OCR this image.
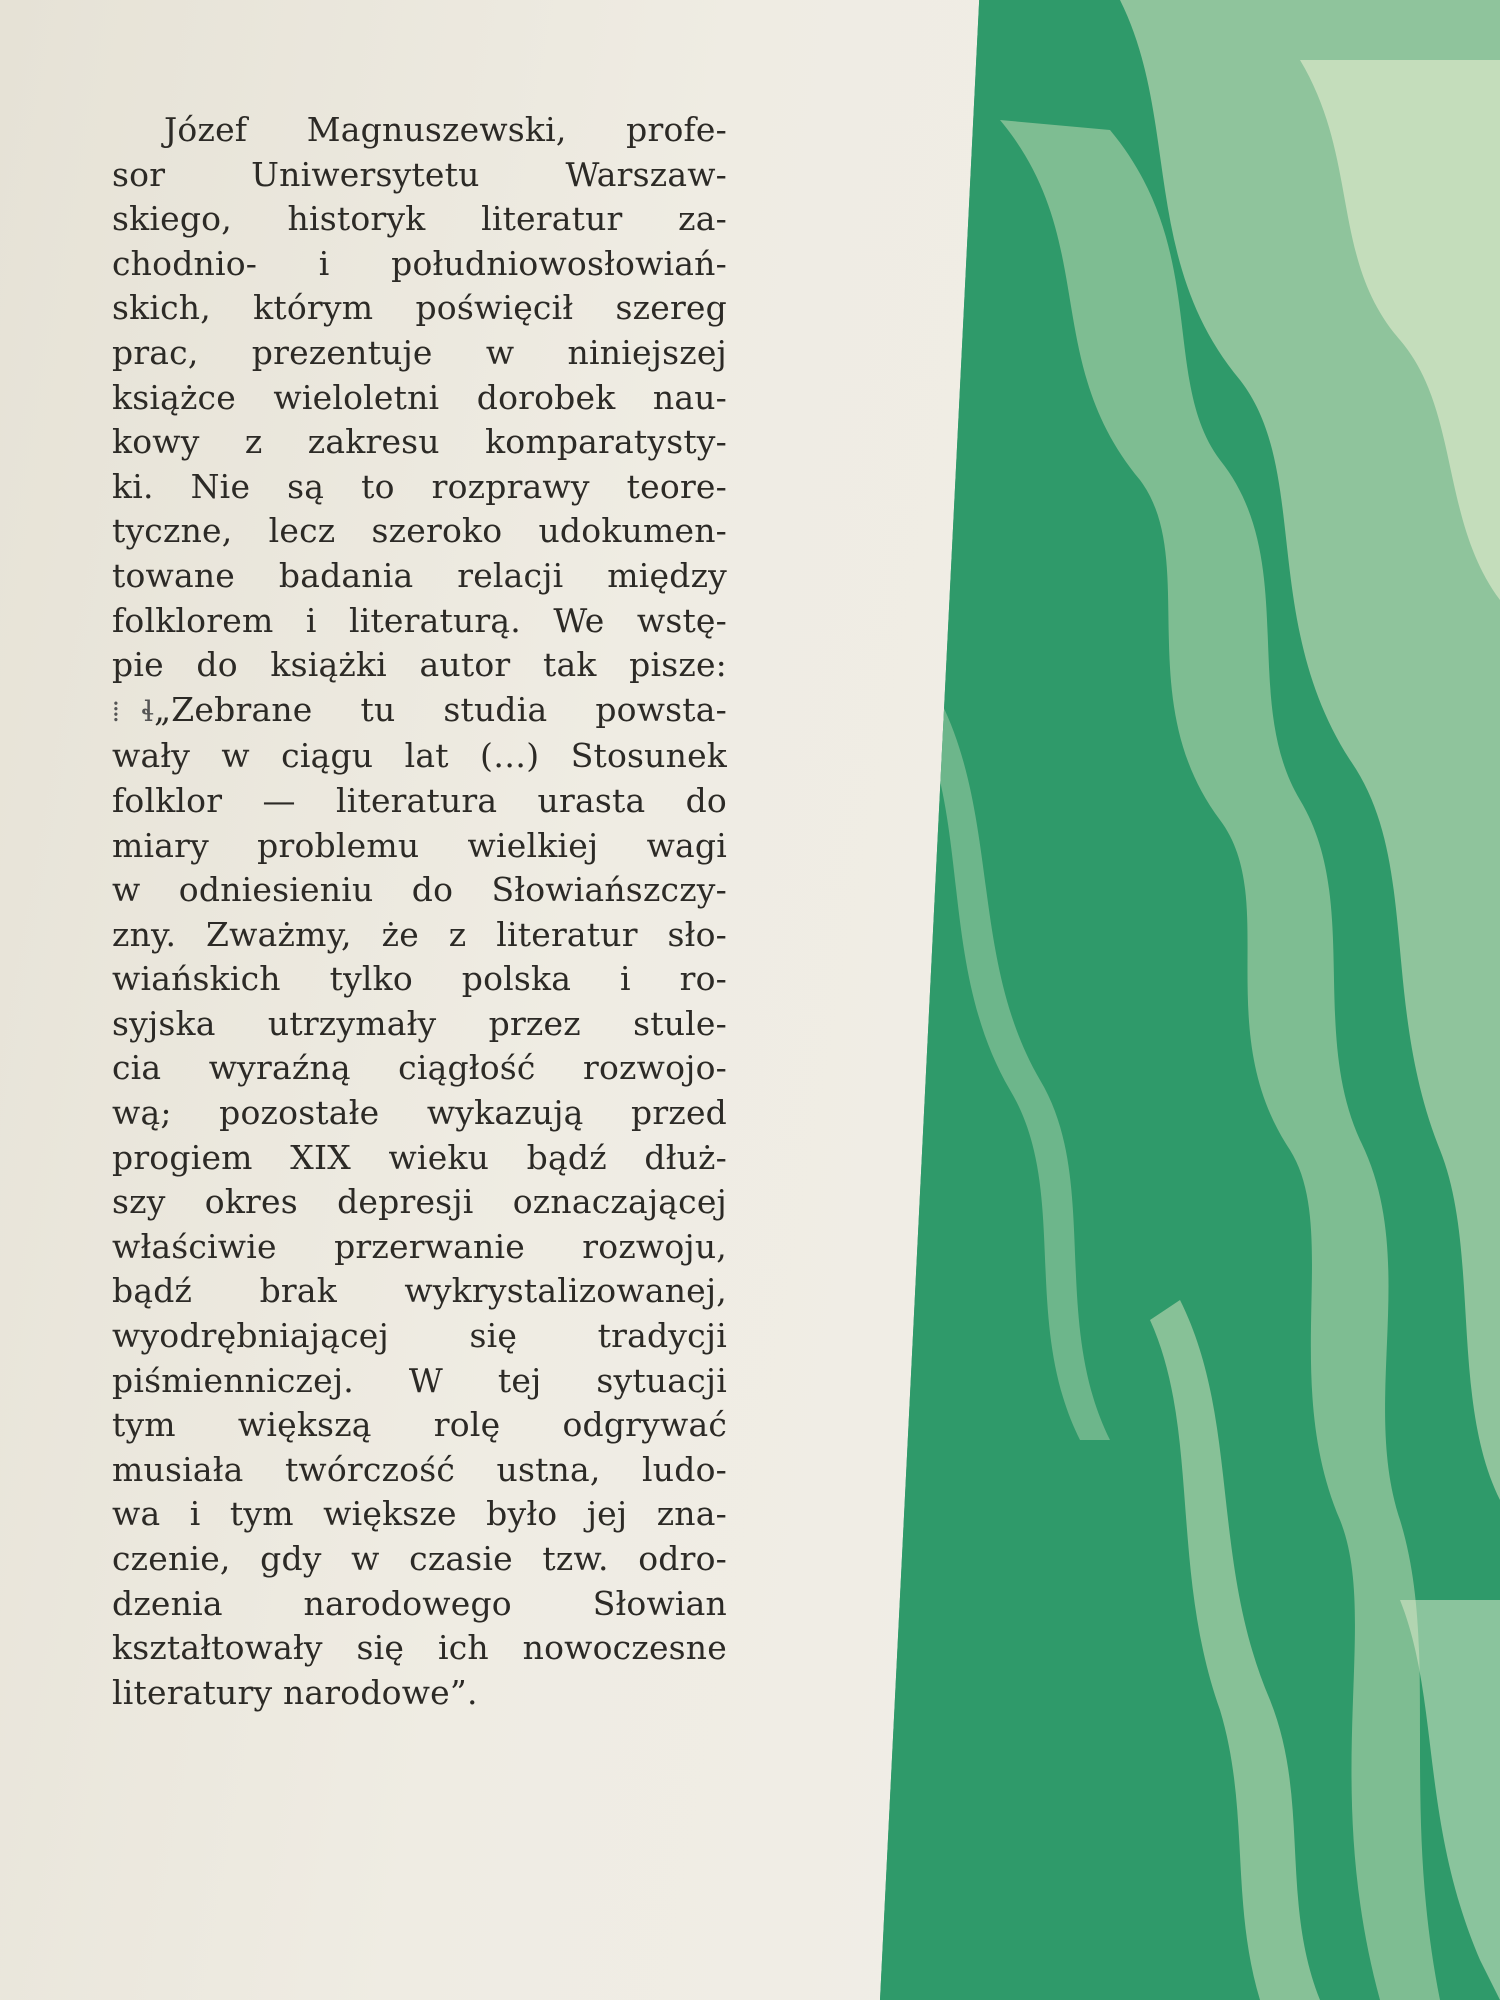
Józef Magnuszewski, profe-
sor Uniwersytetu Warszaw-
skiego, historyk literatur za-
chodnio- i południowosłowiań-
skich, którym poświęcił szereg
prac, prezentuje w niniejszej
książce wieloletni dorobek nau-
kowy z zakresu komparatysty-
ki. Nie są to rozprawy teore-
tyczne, lecz szeroko udokumen-
towane badania relacji między
folklorem i literaturą. We wstę-
pie do książki autor tak pisze:
⁞ ɬ„Zebrane tu studia powsta-
wały w ciągu lat (…) Stosunek
folklor — literatura urasta do
miary problemu wielkiej wagi
w odniesieniu do Słowiańszczy-
zny. Zważmy, że z literatur sło-
wiańskich tylko polska i ro-
syjska utrzymały przez stule-
cia wyraźną ciągłość rozwojo-
wą; pozostałe wykazują przed
progiem XIX wieku bądź dłuż-
szy okres depresji oznaczającej
właściwie przerwanie rozwoju,
bądź brak wykrystalizowanej,
wyodrębniającej się tradycji
piśmienniczej. W tej sytuacji
tym większą rolę odgrywać
musiała twórczość ustna, ludo-
wa i tym większe było jej zna-
czenie, gdy w czasie tzw. odro-
dzenia narodowego Słowian
kształtowały się ich nowoczesne
literatury narodowe”.
